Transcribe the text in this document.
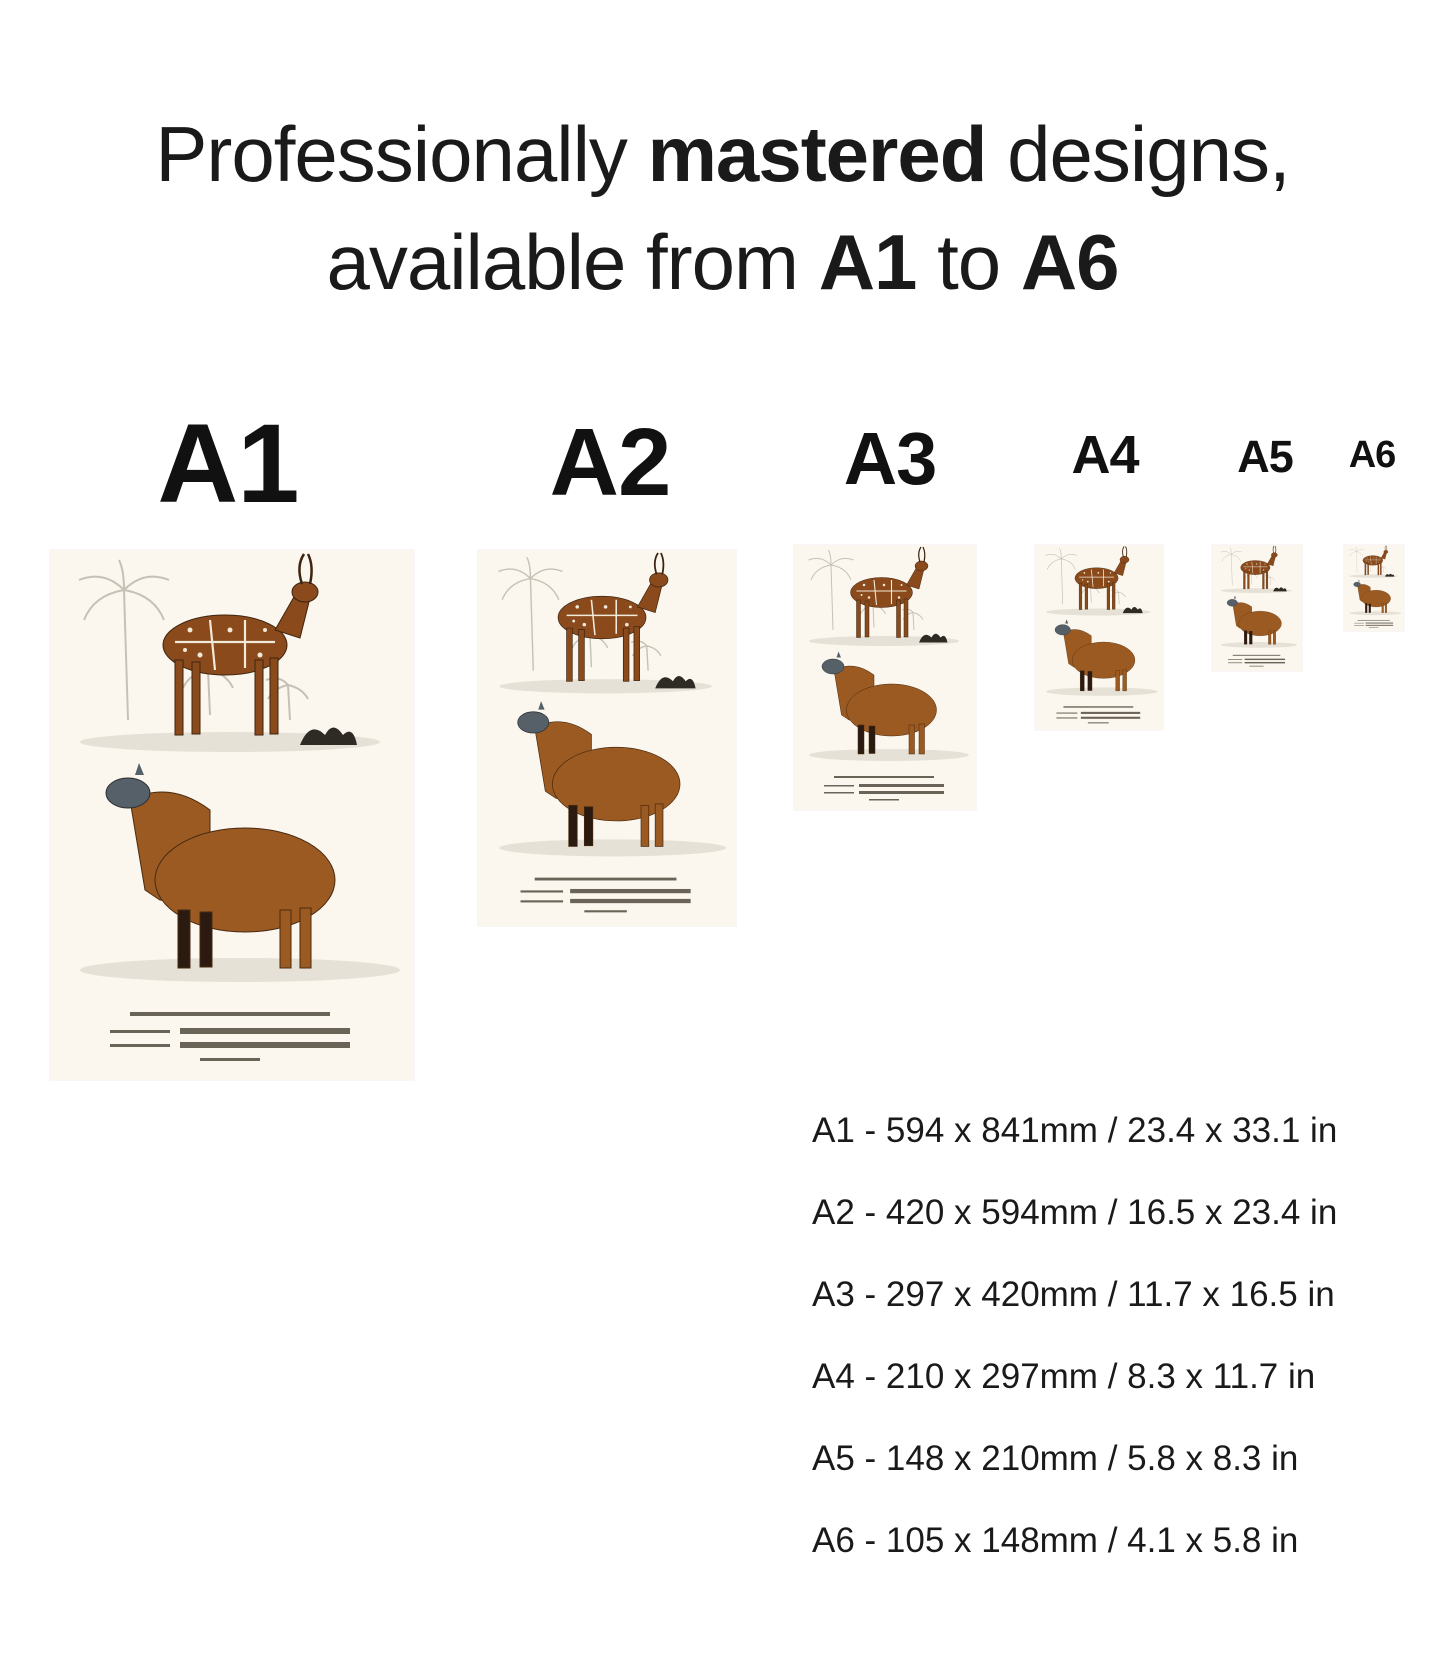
Professionally mastered designs,
available from A1 to A6
A1	A2 A3	A4	A5	A6
A1 - 594 x 841mm / 23.4 x 33.1 in
A2 - 420 x 594mm / 16.5 x 23.4 in
A3 - 297 x 420mm / 11.7 x 16.5 in
A4 - 210 x 297mm / 8.3 x 11.7 in
A5 - 148 x 210mm / 5.8 x 8.3 in
A6 - 105 x 148mm / 4.1 x 5.8 in
